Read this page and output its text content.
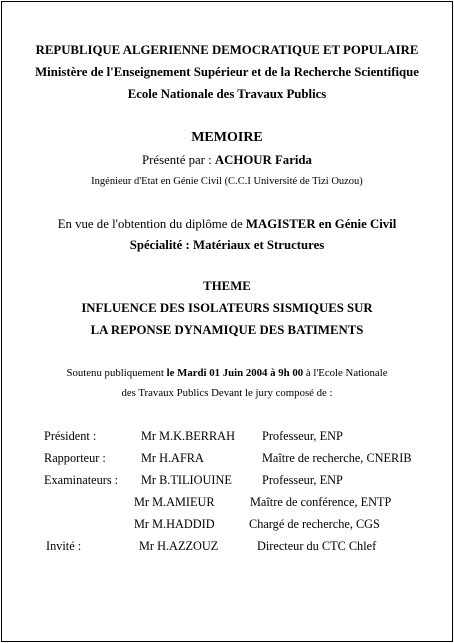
REPUBLIQUE ALGERIENNE DEMOCRATIQUE ET POPULAIRE
Ministère de l'Enseignement Supérieur et de la Recherche Scientifique
Ecole Nationale des Travaux Publics
MEMOIRE
Présenté par : ACHOUR Farida
Ingénieur d'Etat en Génie Civil (C.C.I Université de Tizi Ouzou)
En vue de l'obtention du diplôme de MAGISTER en Génie Civil
Spécialité : Matériaux et Structures
THEME
INFLUENCE DES ISOLATEURS SISMIQUES SUR
LA REPONSE DYNAMIQUE DES BATIMENTS
Soutenu publiquement le Mardi 01 Juin 2004 à 9h 00 à l'Ecole Nationale
des Travaux Publics Devant le jury composé de :
Président :	Mr M.K.BERRAH Professeur, ENP
Rapporteur :	Mr H.AFRA	Maître de recherche, CNERIB
Examinateurs : Mr B.TILIOUINE Professeur, ENP
Mr M.AMIEUR	Maître de conférence, ENTP
Mr M.HADDID	Chargé de recherche, CGS
Invité :	Mr H.AZZOUZ	Directeur du CTC Chlef
